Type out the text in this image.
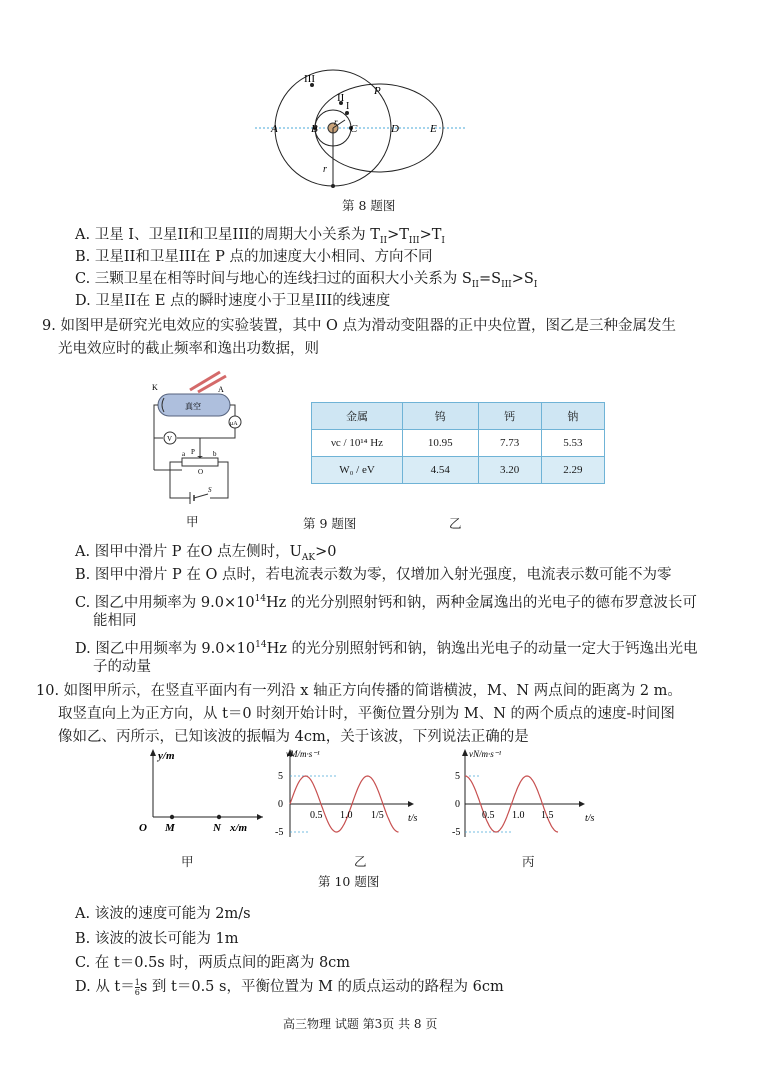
III
II
I
P
A	B	C	D	E
r
r
第 8 题图
A. 卫星 I、卫星II和卫星III的周期大小关系为 $T_{II}>T_{III}>T_I$
B. 卫星II和卫星III在 P 点的加速度大小相同、方向不同
C. 三颗卫星在相等时间与地心的连线扫过的面积大小关系为 $S_{II}=S_{III}>S_I$
D. 卫星II在 E 点的瞬时速度小于卫星III的线速度
9. 如图甲是研究光电效应的实验装置，其中 O 点为滑动变阻器的正中央位置，图乙是三种金属发生
光电效应时的截止频率和逸出功数据，则
K	A
真空
μA
V
a P	b
O
S
金属	钨	钙	钠
νc / 10¹⁴ Hz	10.95	7.73	5.53
W₀ / eV	4.54	3.20	2.29
甲	第 9 题图	乙
A. 图甲中滑片 P 在O 点左侧时，$U_{AK}>0$
B. 图甲中滑片 P 在 O 点时，若电流表示数为零，仅增加入射光强度，电流表示数可能不为零
C. 图乙中用频率为 $9.0\times 10^{14}Hz$ 的光分别照射钙和钠，两种金属逸出的光电子的德布罗意波长可
能相同
D. 图乙中用频率为 $9.0\times 10^{14}Hz$ 的光分别照射钙和钠，钠逸出光电子的动量一定大于钙逸出光电
子的动量
10. 如图甲所示，在竖直平面内有一列沿 x 轴正方向传播的简谐横波，M、N 两点间的距离为 2 m。
取竖直向上为正方向，从 t＝0 时刻开始计时，平衡位置分别为 M、N 的两个质点的速度-时间图
像如乙、丙所示，已知该波的振幅为 4cm，关于该波，下列说法正确的是
y/m
x/m
O M	N
vM/m·s⁻¹
5
0
-5
0.5 1.0 1/5 t/s
vN/m·s⁻¹
5
0
-5
0.5 1.0 1.5	t/s
甲	乙	丙
第 10 题图
A. 该波的速度可能为 2m/s
B. 该波的波长可能为 1m
C. 在 t＝0.5s 时，两质点间的距离为 8cm
D. 从 $t= \frac{1}{6}$ s 到 t＝0.5 s，平衡位置为 M 的质点运动的路程为 6cm
高三物理 试题 第3页 共 8 页
